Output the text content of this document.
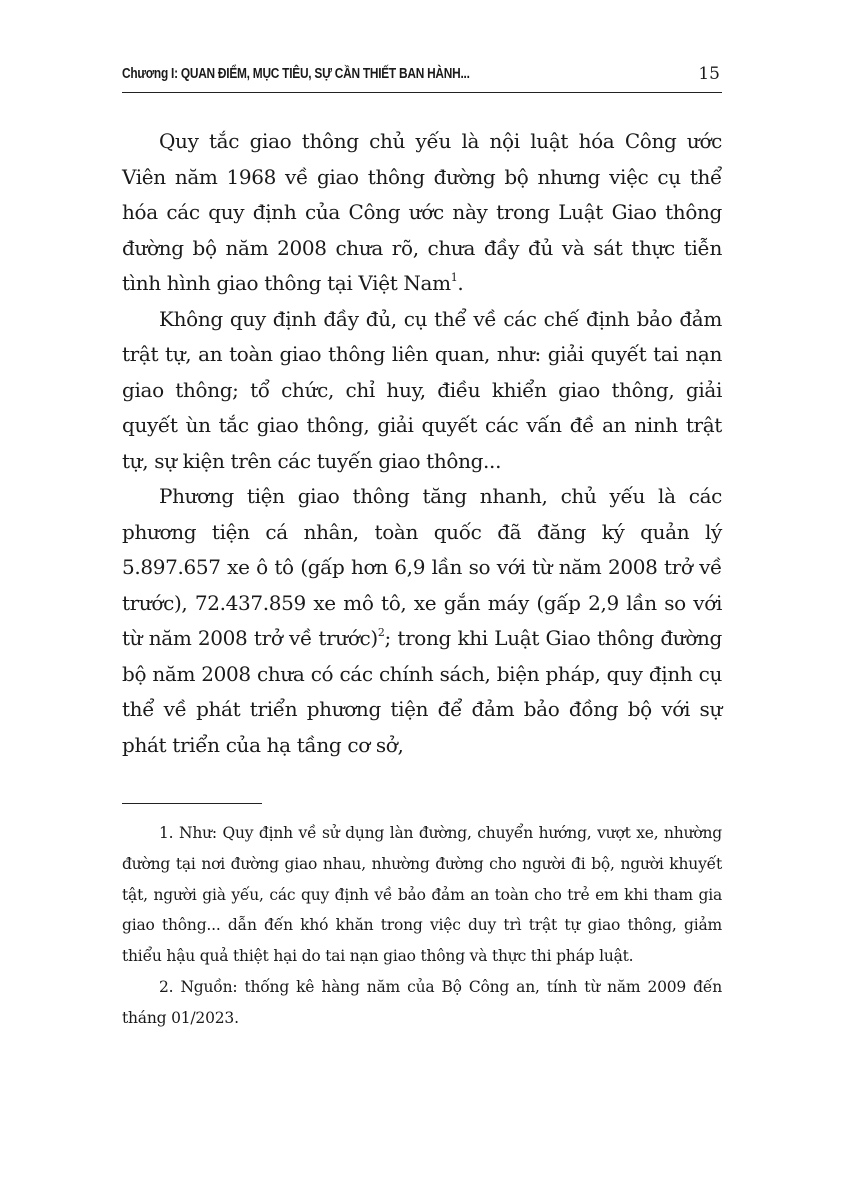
Chương I: QUAN ĐIỂM, MỤC TIÊU, SỰ CẦN THIẾT BAN HÀNH...	15

Quy tắc giao thông chủ yếu là nội luật hóa Công ước Viên năm 1968 về giao thông đường bộ nhưng việc cụ thể hóa các quy định của Công ước này trong Luật Giao thông đường bộ năm 2008 chưa rõ, chưa đầy đủ và sát thực tiễn tình hình giao thông tại Việt Nam$^1$.

Không quy định đầy đủ, cụ thể về các chế định bảo đảm trật tự, an toàn giao thông liên quan, như: giải quyết tai nạn giao thông; tổ chức, chỉ huy, điều khiển giao thông, giải quyết ùn tắc giao thông, giải quyết các vấn đề an ninh trật tự, sự kiện trên các tuyến giao thông...

Phương tiện giao thông tăng nhanh, chủ yếu là các phương tiện cá nhân, toàn quốc đã đăng ký quản lý 5.897.657 xe ô tô (gấp hơn 6,9 lần so với từ năm 2008 trở về trước), 72.437.859 xe mô tô, xe gắn máy (gấp 2,9 lần so với từ năm 2008 trở về trước)$^2$; trong khi Luật Giao thông đường bộ năm 2008 chưa có các chính sách, biện pháp, quy định cụ thể về phát triển phương tiện để đảm bảo đồng bộ với sự phát triển của hạ tầng cơ sở,

1. Như: Quy định về sử dụng làn đường, chuyển hướng, vượt xe, nhường đường tại nơi đường giao nhau, nhường đường cho người đi bộ, người khuyết tật, người già yếu, các quy định về bảo đảm an toàn cho trẻ em khi tham gia giao thông... dẫn đến khó khăn trong việc duy trì trật tự giao thông, giảm thiểu hậu quả thiệt hại do tai nạn giao thông và thực thi pháp luật.

2. Nguồn: thống kê hàng năm của Bộ Công an, tính từ năm 2009 đến tháng 01/2023.
